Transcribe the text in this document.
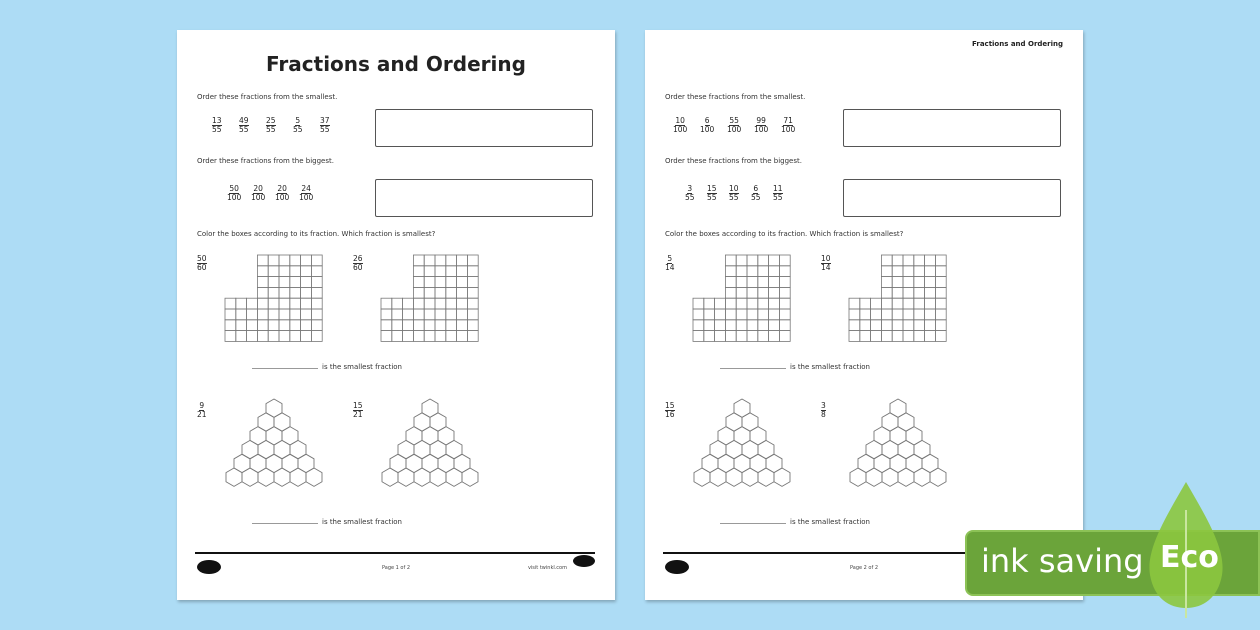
Fractions and Ordering
Order these fractions from the smallest.
$\frac{13}{55} \frac{49}{55} \frac{25}{55} \frac{5}{55} \frac{37}{55}$
Order these fractions from the biggest.
$\frac{50}{100} \frac{20}{100} \frac{20}{100} \frac{24}{100}$
Color the boxes according to its fraction. Which fraction is smallest?
$\frac{50}{60}$	$\frac{26}{60}$
is the smallest fraction
$\frac{9}{21}$	$\frac{15}{21}$
is the smallest fraction
Page 1 of 2	visit twinkl.com
Fractions and Ordering
Order these fractions from the smallest.
$\frac{10}{100} \frac{6}{100} \frac{55}{100} \frac{99}{100} \frac{71}{100}$
Order these fractions from the biggest.
$\frac{3}{55} \frac{15}{55} \frac{10}{55} \frac{6}{55} \frac{11}{55}$
Color the boxes according to its fraction. Which fraction is smallest?
$\frac{5}{14}$	$\frac{10}{14}$
is the smallest fraction
$\frac{15}{16}$	$\frac{3}{8}$
is the smallest fraction
Page 2 of 2	ink saving Eco
